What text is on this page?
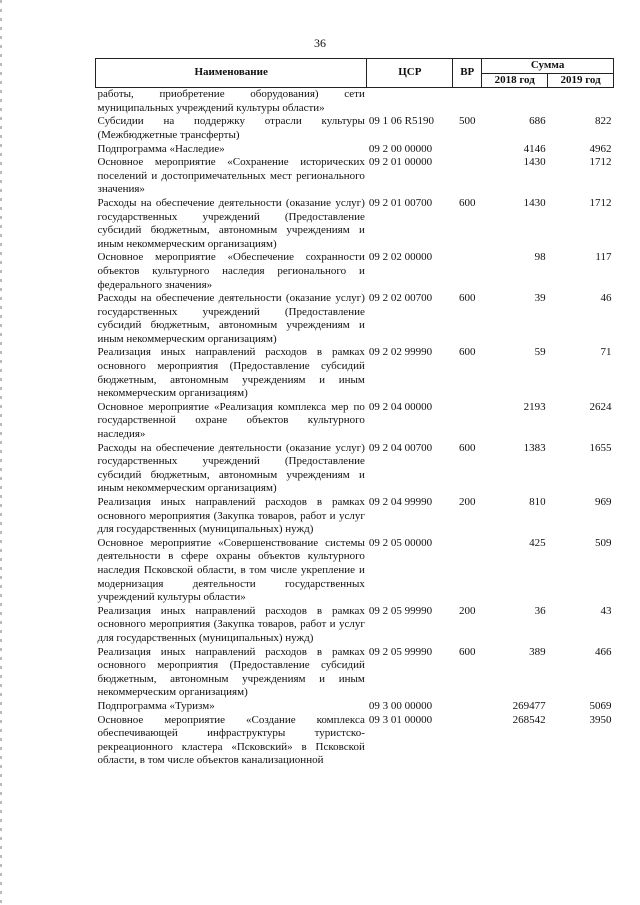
36
Наименование	ЦСР	ВР	Сумма	
			2018 год	2019 год
работы, приобретение оборудования) сети муниципальных учреждений культуры области»				
Субсидии на поддержку отрасли культуры (Межбюджетные трансферты)	09 1 06 R5190	500	686	822
Подпрограмма «Наследие»	09 2 00 00000		4146	4962
Основное мероприятие «Сохранение исторических поселений и достопримечательных мест регионального значения»	09 2 01 00000		1430	1712
Расходы на обеспечение деятельности (оказание услуг) государственных учреждений (Предоставление субсидий бюджетным, автономным учреждениям и иным некоммерческим организациям)	09 2 01 00700	600	1430	1712
Основное мероприятие «Обеспечение сохранности объектов культурного наследия регионального и федерального значения»	09 2 02 00000		98	117
Расходы на обеспечение деятельности (оказание услуг) государственных учреждений (Предоставление субсидий бюджетным, автономным учреждениям и иным некоммерческим организациям)	09 2 02 00700	600	39	46
Реализация иных направлений расходов в рамках основного мероприятия (Предоставление субсидий бюджетным, автономным учреждениям и иным некоммерческим организациям)	09 2 02 99990	600	59	71
Основное мероприятие «Реализация комплекса мер по государственной охране объектов культурного наследия»	09 2 04 00000		2193	2624
Расходы на обеспечение деятельности (оказание услуг) государственных учреждений (Предоставление субсидий бюджетным, автономным учреждениям и иным некоммерческим организациям)	09 2 04 00700	600	1383	1655
Реализация иных направлений расходов в рамках основного мероприятия (Закупка товаров, работ и услуг для государственных (муниципальных) нужд)	09 2 04 99990	200	810	969
Основное мероприятие «Совершенствование системы деятельности в сфере охраны объектов культурного наследия Псковской области, в том числе укрепление и модернизация деятельности государственных учреждений культуры области»	09 2 05 00000		425	509
Реализация иных направлений расходов в рамках основного мероприятия (Закупка товаров, работ и услуг для государственных (муниципальных) нужд)	09 2 05 99990	200	36	43
Реализация иных направлений расходов в рамках основного мероприятия (Предоставление субсидий бюджетным, автономным учреждениям и иным некоммерческим организациям)	09 2 05 99990	600	389	466
Подпрограмма «Туризм»	09 3 00 00000		269477	5069
Основное мероприятие «Создание комплекса обеспечивающей инфраструктуры туристско-рекреационного кластера «Псковский» в Псковской области, в том числе объектов канализационной	09 3 01 00000		268542	3950
